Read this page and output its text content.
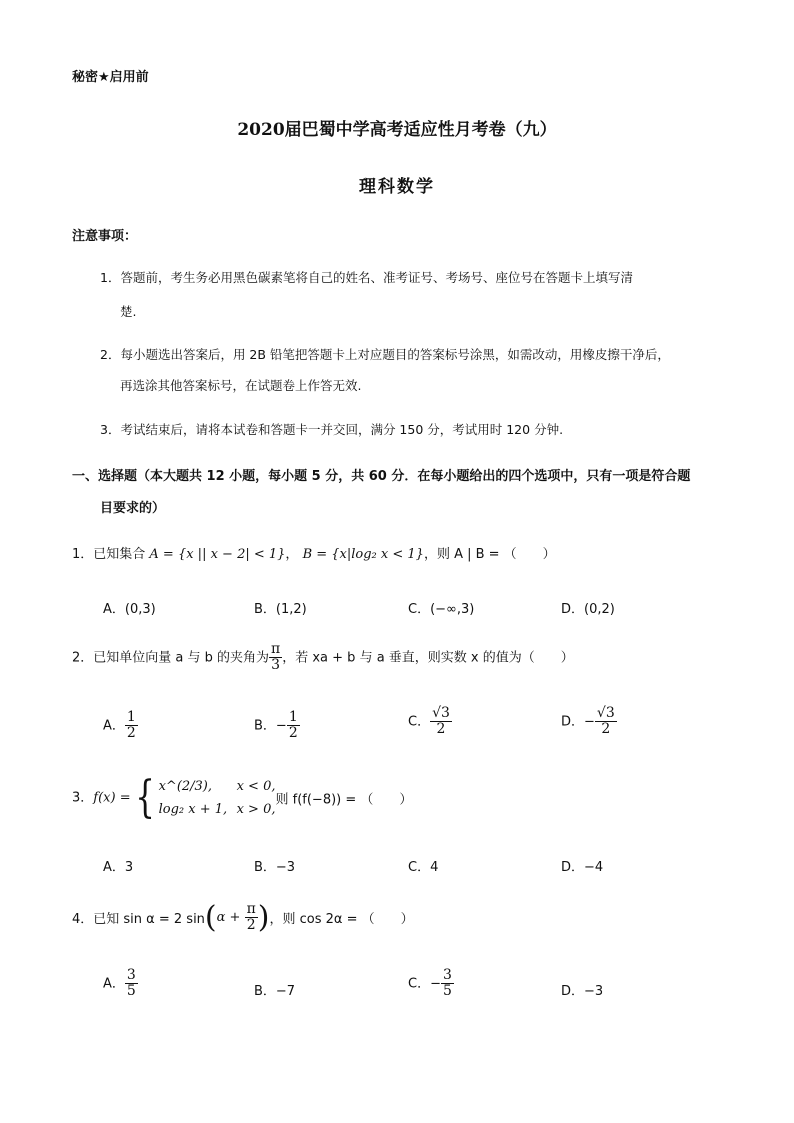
秘密★启用前
2020届巴蜀中学高考适应性月考卷（九）
理科数学
注意事项：
1．答题前，考生务必用黑色碳素笔将自己的姓名、准考证号、考场号、座位号在答题卡上填写清
楚.
2．每小题选出答案后，用 2B 铅笔把答题卡上对应题目的答案标号涂黑，如需改动，用橡皮擦干净后，
再选涂其他答案标号，在试题卷上作答无效.
3．考试结束后，请将本试卷和答题卡一并交回，满分 150 分，考试用时 120 分钟.
一、选择题（本大题共 12 小题，每小题 5 分，共 60 分．在每小题给出的四个选项中，只有一项是符合题
目要求的）
1．已知集合 A = {x || x − 2| < 1}， B = {x|log₂ x < 1}，则 A | B = （　　）
A．(0,3)	B．(1,2)	C．(−∞,3)	D．(0,2)
2．已知单位向量 a 与 b 的夹角为 $\frac{\pi}{3}$ ，若 xa + b 与 a 垂直，则实数 x 的值为（　　）
A． $\frac{1}{2}$	B．− $\frac{1}{2}$	C． $\frac{√3}{2}$	D．− $\frac{√3}{2}$
3．f(x) ={ x^(2/3), x < 0,
log₂ x + 1, x > 0,
则 f(f(−8)) = （　　）
A．3	B．−3	C．4	D．−4
4．已知 sin α = 2 $\sin(\alpha + \frac{\pi}{2}$ )，则 cos 2α = （　　）
A． $\frac{3}{5}$	B．−7
C．− $\frac{3}{5}$	D．−3
